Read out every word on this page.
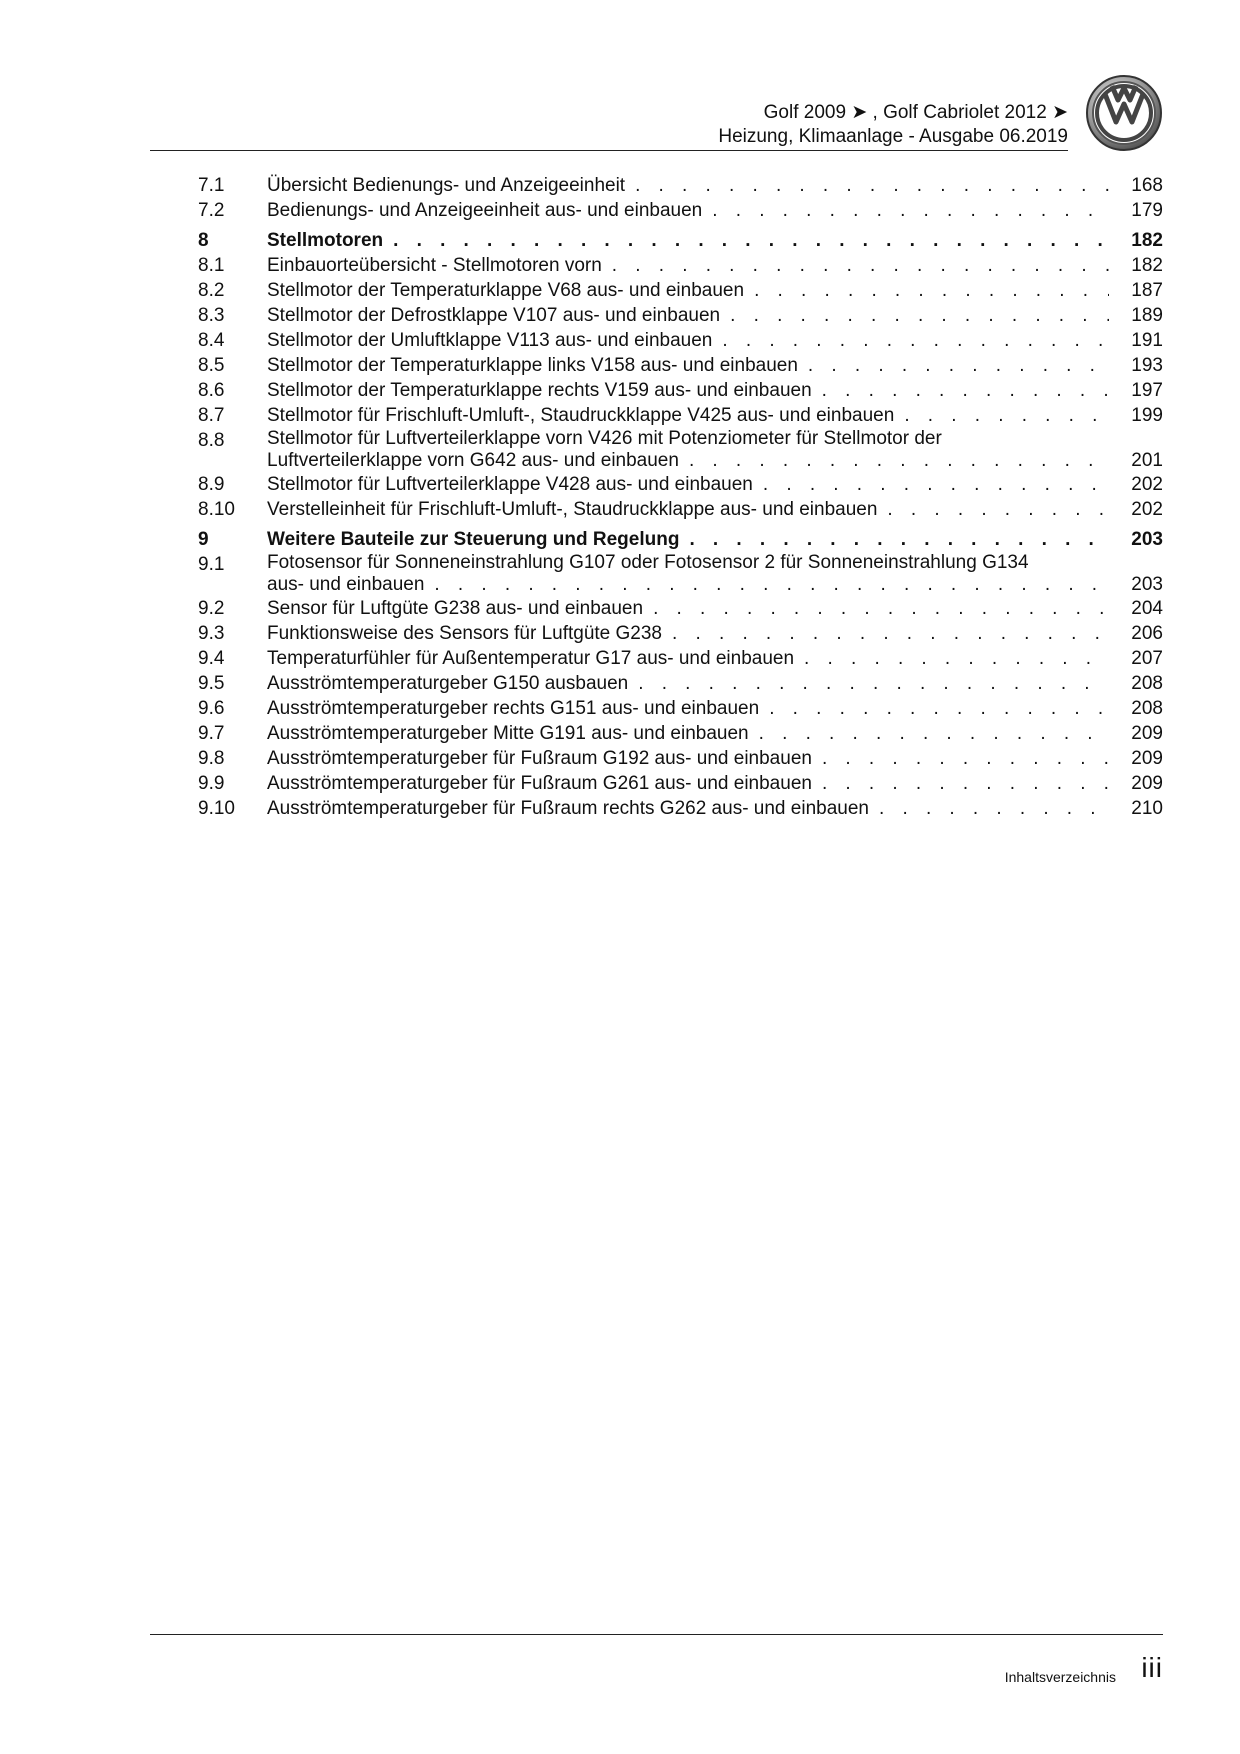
Golf 2009 ➤ , Golf Cabriolet 2012 ➤
Heizung, Klimaanlage - Ausgabe 06.2019
7.1	Übersicht Bedienungs- und Anzeigeeinheit . . .	168
7.2	Bedienungs- und Anzeigeeinheit aus- und einbauen . . .	179
8	Stellmotoren . . .	182
8.1	Einbauorteübersicht - Stellmotoren vorn . . .	182
8.2	Stellmotor der Temperaturklappe V68 aus- und einbauen . . .	187
8.3	Stellmotor der Defrostklappe V107 aus- und einbauen . . .	189
8.4	Stellmotor der Umluftklappe V113 aus- und einbauen . . .	191
8.5	Stellmotor der Temperaturklappe links V158 aus- und einbauen . . .	193
8.6	Stellmotor der Temperaturklappe rechts V159 aus- und einbauen . . .	197
8.7	Stellmotor für Frischluft-Umluft-, Staudruckklappe V425 aus- und einbauen . . .	199
8.8	Stellmotor für Luftverteilerklappe vorn V426 mit Potenziometer für Stellmotor der
Luftverteilerklappe vorn G642 aus- und einbauen . . .	201
8.9	Stellmotor für Luftverteilerklappe V428 aus- und einbauen . . .	202
8.10	Verstelleinheit für Frischluft-Umluft-, Staudruckklappe aus- und einbauen . . .	202
9	Weitere Bauteile zur Steuerung und Regelung . . .	203
9.1	Fotosensor für Sonneneinstrahlung G107 oder Fotosensor 2 für Sonneneinstrahlung G134
aus- und einbauen . . .	203
9.2	Sensor für Luftgüte G238 aus- und einbauen . . .	204
9.3	Funktionsweise des Sensors für Luftgüte G238 . . .	206
9.4	Temperaturfühler für Außentemperatur G17 aus- und einbauen . . .	207
9.5	Ausströmtemperaturgeber G150 ausbauen . . .	208
9.6	Ausströmtemperaturgeber rechts G151 aus- und einbauen . . .	208
9.7	Ausströmtemperaturgeber Mitte G191 aus- und einbauen . . .	209
9.8	Ausströmtemperaturgeber für Fußraum G192 aus- und einbauen . . .	209
9.9	Ausströmtemperaturgeber für Fußraum G261 aus- und einbauen . . .	209
9.10	Ausströmtemperaturgeber für Fußraum rechts G262 aus- und einbauen . . .	210
Inhaltsverzeichnis iii
